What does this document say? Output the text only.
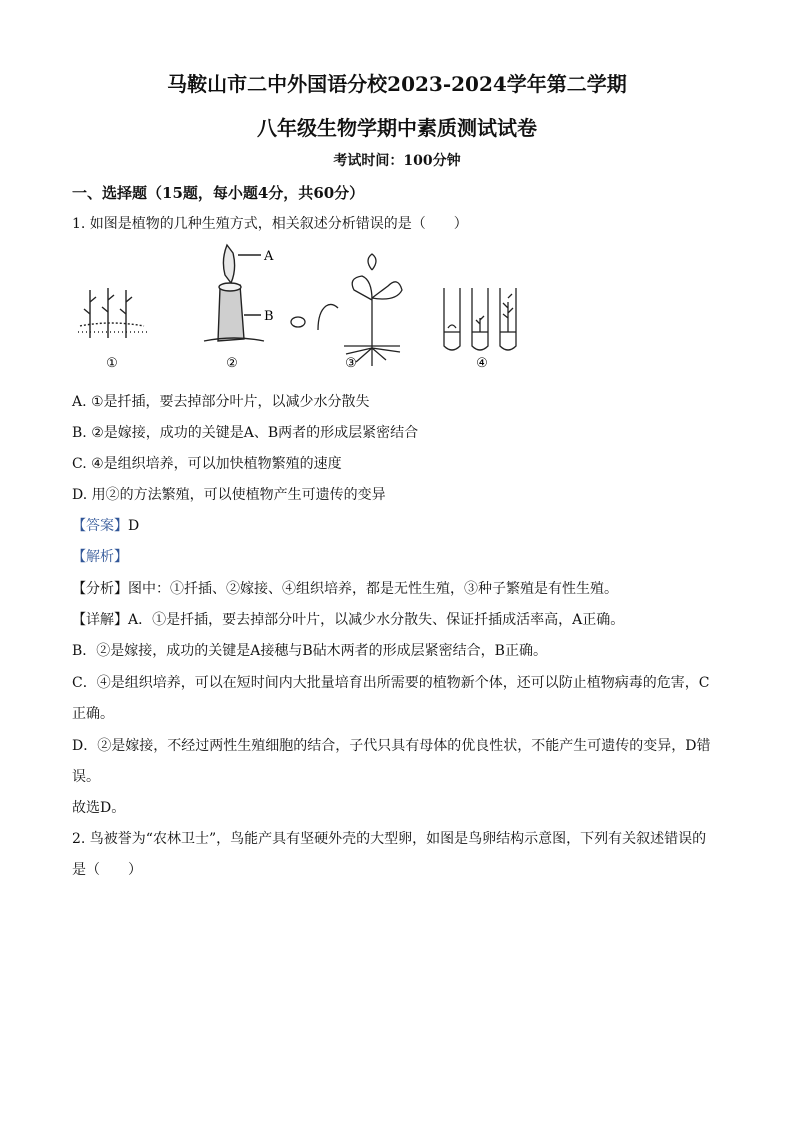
马鞍山市二中外国语分校2023-2024学年第二学期
八年级生物学期中素质测试试卷
考试时间：100分钟
一、选择题（15题，每小题4分，共60分）
1. 如图是植物的几种生殖方式，相关叙述分析错误的是（　　）
A
B
①	②	③	④
A. ①是扦插，要去掉部分叶片，以减少水分散失
B. ②是嫁接，成功的关键是A、B两者的形成层紧密结合
C. ④是组织培养，可以加快植物繁殖的速度
D. 用②的方法繁殖，可以使植物产生可遗传的变异
【答案】D
【解析】
【分析】图中：①扦插、②嫁接、④组织培养，都是无性生殖，③种子繁殖是有性生殖。
【详解】A．①是扦插，要去掉部分叶片，以减少水分散失、保证扦插成活率高，A正确。
B．②是嫁接，成功的关键是A接穗与B砧木两者的形成层紧密结合，B正确。
C．④是组织培养，可以在短时间内大批量培育出所需要的植物新个体，还可以防止植物病毒的危害，C
正确。
D．②是嫁接，不经过两性生殖细胞的结合，子代只具有母体的优良性状，不能产生可遗传的变异，D错
误。
故选D。
2. 鸟被誉为“农林卫士”，鸟能产具有坚硬外壳的大型卵，如图是鸟卵结构示意图，下列有关叙述错误的
是（　　）
